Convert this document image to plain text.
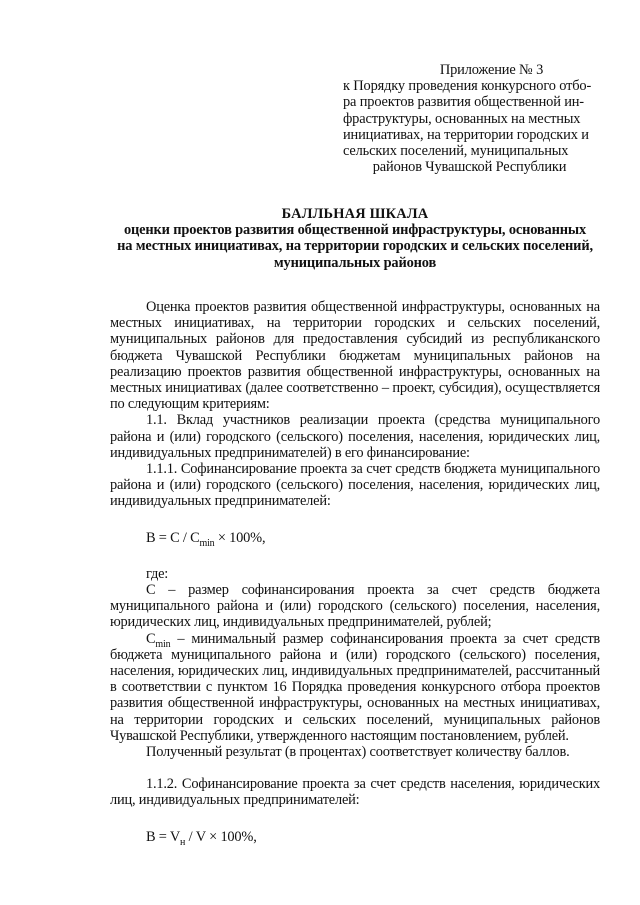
Приложение № 3
к Порядку проведения конкурсного отбо-
ра проектов развития общественной ин-
фраструктуры, основанных на местных
инициативах, на территории городских и
сельских поселений, муниципальных
районов Чувашской Республики
БАЛЛЬНАЯ ШКАЛА
оценки проектов развития общественной инфраструктуры, основанных
на местных инициативах, на территории городских и сельских поселений,
муниципальных районов

Оценка проектов развития общественной инфраструктуры, основанных на местных инициативах, на территории городских и сельских поселений, муниципальных районов для предоставления субсидий из республиканского бюджета Чувашской Республики бюджетам муниципальных районов на реализацию проектов развития общественной инфраструктуры, основанных на местных инициативах (далее соответственно – проект, субсидия), осуществляется по следующим критериям:

1.1. Вклад участников реализации проекта (средства муниципального района и (или) городского (сельского) поселения, населения, юридических лиц, индивидуальных предпринимателей) в его финансирование:

1.1.1. Софинансирование проекта за счет средств бюджета муниципального района и (или) городского (сельского) поселения, населения, юридических лиц, индивидуальных предпринимателей:

$B = C / C_{min} \times 100\%$,

где:

С – размер софинансирования проекта за счет средств бюджета муниципального района и (или) городского (сельского) поселения, населения, юридических лиц, индивидуальных предпринимателей, рублей;

$C_{min}$ – минимальный размер софинансирования проекта за счет средств бюджета муниципального района и (или) городского (сельского) поселения, населения, юридических лиц, индивидуальных предпринимателей, рассчитанный в соответствии с пунктом 16 Порядка проведения конкурсного отбора проектов развития общественной инфраструктуры, основанных на местных инициативах, на территории городских и сельских поселений, муниципальных районов Чувашской Республики, утвержденного настоящим постановлением, рублей.

Полученный результат (в процентах) соответствует количеству баллов.

1.1.2. Софинансирование проекта за счет средств населения, юридических лиц, индивидуальных предпринимателей:

$B = V_н / V \times 100\%$,
